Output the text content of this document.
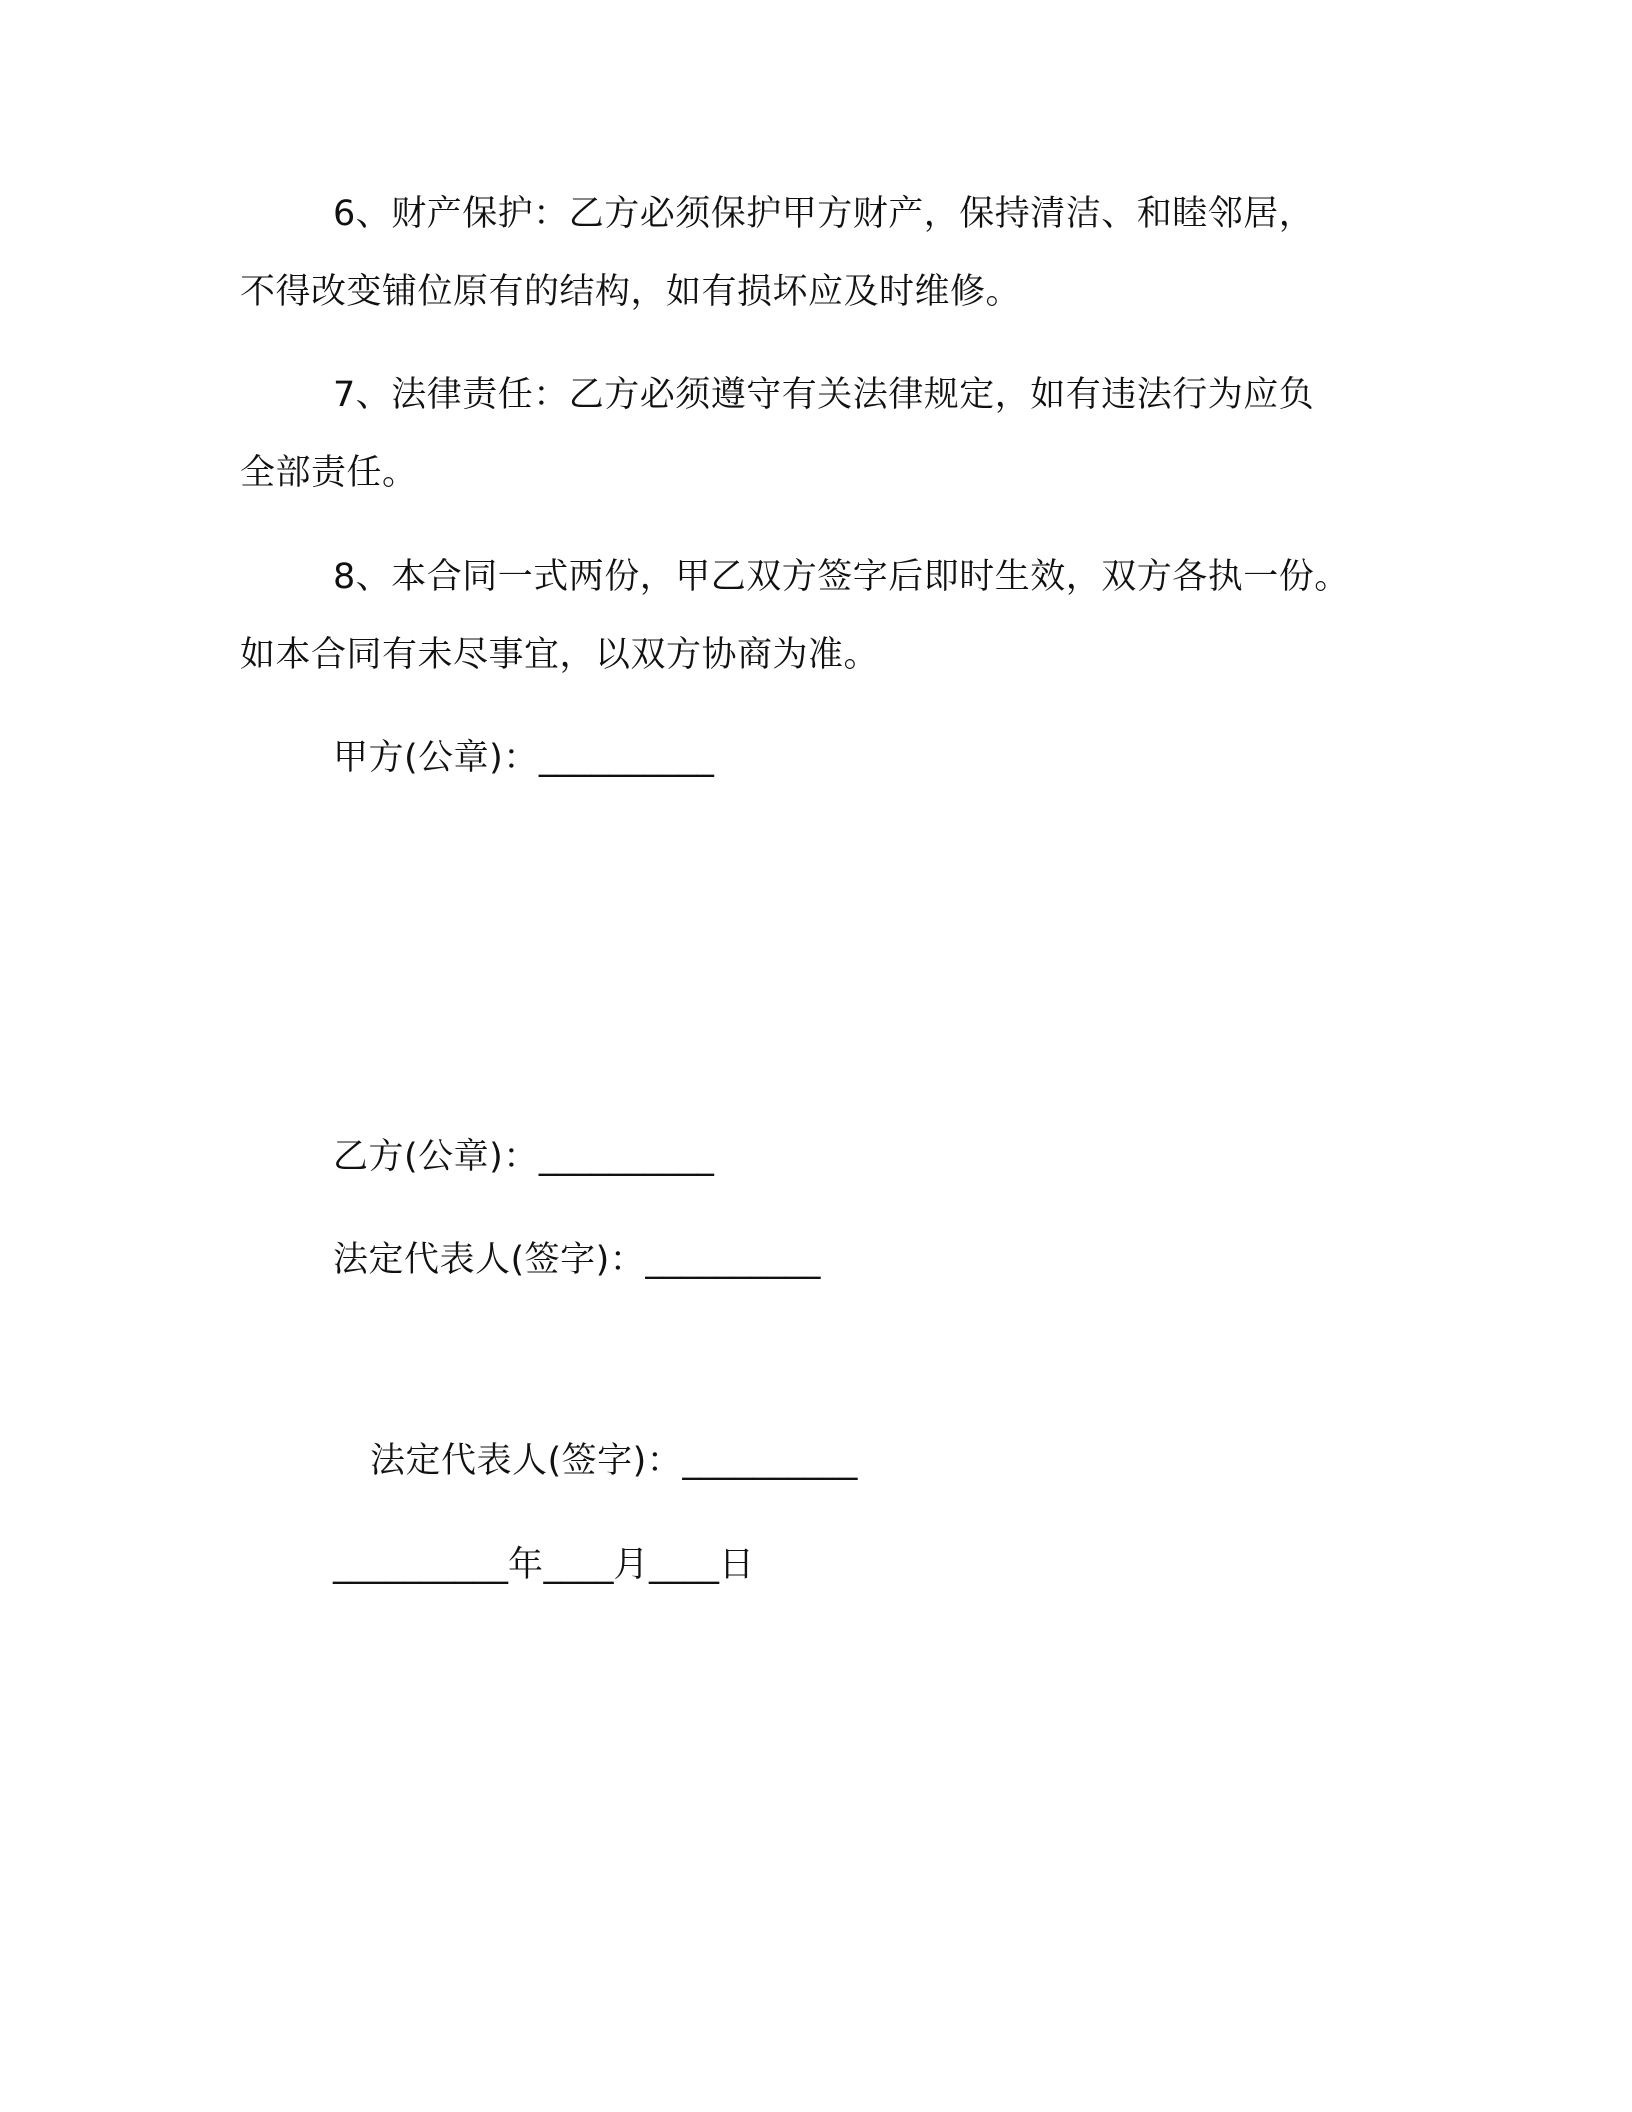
6、财产保护：乙方必须保护甲方财产，保持清洁、和睦邻居，
不得改变铺位原有的结构，如有损坏应及时维修。
7、法律责任：乙方必须遵守有关法律规定，如有违法行为应负
全部责任。
8、本合同一式两份，甲乙双方签字后即时生效，双方各执一份。
如本合同有未尽事宜，以双方协商为准。
甲方(公章)：__________
乙方(公章)：__________
法定代表人(签字)：__________
法定代表人(签字)：__________
__________年____月____日
